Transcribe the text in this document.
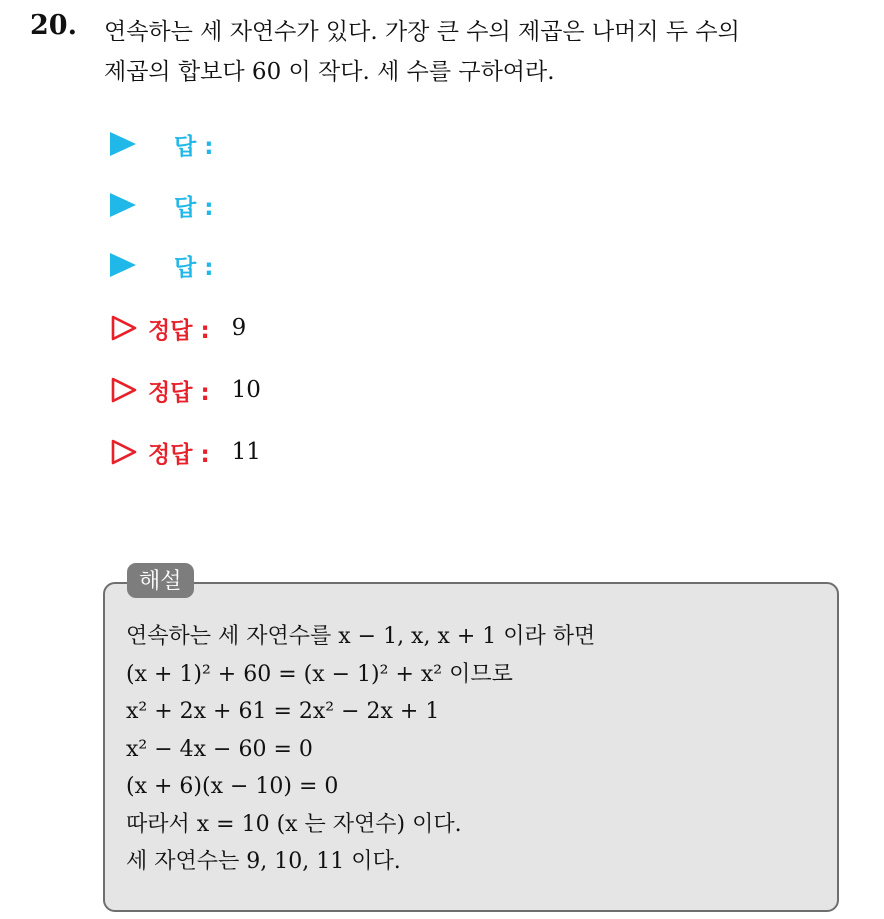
20. 연속하는 세 자연수가 있다. 가장 큰 수의 제곱은 나머지 두 수의
제곱의 합보다 60 이 작다. 세 수를 구하여라.
답 :
답 :
답 :
정답 : 9
정답 : 10
정답 : 11
해설
연속하는 세 자연수를 x − 1, x, x + 1 이라 하면
(x + 1)² + 60 = (x − 1)² + x² 이므로
x² + 2x + 61 = 2x² − 2x + 1
x² − 4x − 60 = 0
(x + 6)(x − 10) = 0
따라서 x = 10 (x 는 자연수) 이다.
세 자연수는 9, 10, 11 이다.
